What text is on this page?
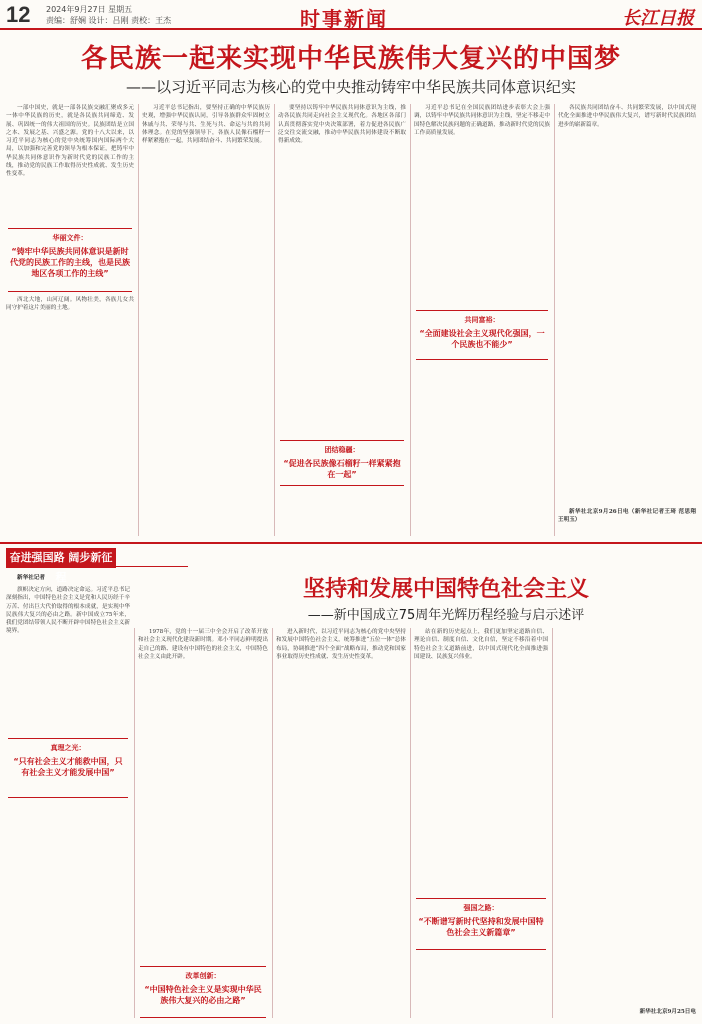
12 2024年9月27日 星期五
责编：舒娴 设计：吕刚 责校：王杰	时事新闻	长江日报
各民族一起来实现中华民族伟大复兴的中国梦
——以习近平同志为核心的党中央推动铸牢中华民族共同体意识纪实

一部中国史，就是一部各民族交融汇聚成多元一体中华民族的历史，就是各民族共同缔造、发展、巩固统一的伟大祖国的历史。民族团结是立国之本、发展之基、兴盛之源。党的十八大以来，以习近平同志为核心的党中央统筹国内国际两个大局，以加强和完善党的领导为根本保证，把铸牢中华民族共同体意识作为新时代党的民族工作的主线，推动党的民族工作取得历史性成就、发生历史性变革。

华丽文件：
“铸牢中华民族共同体意识是新时代党的民族工作的主线，也是民族地区各项工作的主线”

西北大地，山河辽阔。风物壮美，各族儿女共同守护着这片美丽的土地。

习近平总书记指出，要坚持正确的中华民族历史观，增强中华民族认同，引导各族群众牢固树立休戚与共、荣辱与共、生死与共、命运与共的共同体理念。在党的坚强领导下，各族人民像石榴籽一样紧紧抱在一起，共同团结奋斗、共同繁荣发展。

要坚持以铸牢中华民族共同体意识为主线，推动各民族共同走向社会主义现代化。各地区各部门认真贯彻落实党中央决策部署，着力促进各民族广泛交往交流交融，推动中华民族共同体建设不断取得新成效。

团结稳疆：
“促进各民族像石榴籽一样紧紧抱在一起”

习近平总书记在全国民族团结进步表彰大会上强调，以铸牢中华民族共同体意识为主线，坚定不移走中国特色解决民族问题的正确道路，推动新时代党的民族工作高质量发展。

共同富裕：
“全面建设社会主义现代化强国，一个民族也不能少”

各民族共同团结奋斗、共同繁荣发展，以中国式现代化全面推进中华民族伟大复兴，谱写新时代民族团结进步的崭新篇章。

新华社北京9月26日电（新华社记者王琦 范思翔 王明玉）

奋进强国路 阔步新征程	坚持和发展中国特色社会主义
——新中国成立75周年光辉历程经验与启示述评

新华社记者

旗帜决定方向，道路决定命运。习近平总书记深刻指出，中国特色社会主义是党和人民历经千辛万苦、付出巨大代价取得的根本成就，是实现中华民族伟大复兴的必由之路。新中国成立75年来，我们党团结带领人民不断开辟中国特色社会主义新境界。

真理之光：
“只有社会主义才能救中国，只有社会主义才能发展中国”

1978年，党的十一届三中全会开启了改革开放和社会主义现代化建设新时期。邓小平同志鲜明提出走自己的路、建设有中国特色的社会主义，中国特色社会主义由此开辟。

改革创新：
“中国特色社会主义是实现中华民族伟大复兴的必由之路”

进入新时代，以习近平同志为核心的党中央坚持和发展中国特色社会主义，统筹推进“五位一体”总体布局，协调推进“四个全面”战略布局，推动党和国家事业取得历史性成就、发生历史性变革。

站在新的历史起点上，我们更加坚定道路自信、理论自信、制度自信、文化自信，坚定不移沿着中国特色社会主义道路前进，以中国式现代化全面推进强国建设、民族复兴伟业。

强国之路：
“不断谱写新时代坚持和发展中国特色社会主义新篇章”

新华社北京9月25日电
